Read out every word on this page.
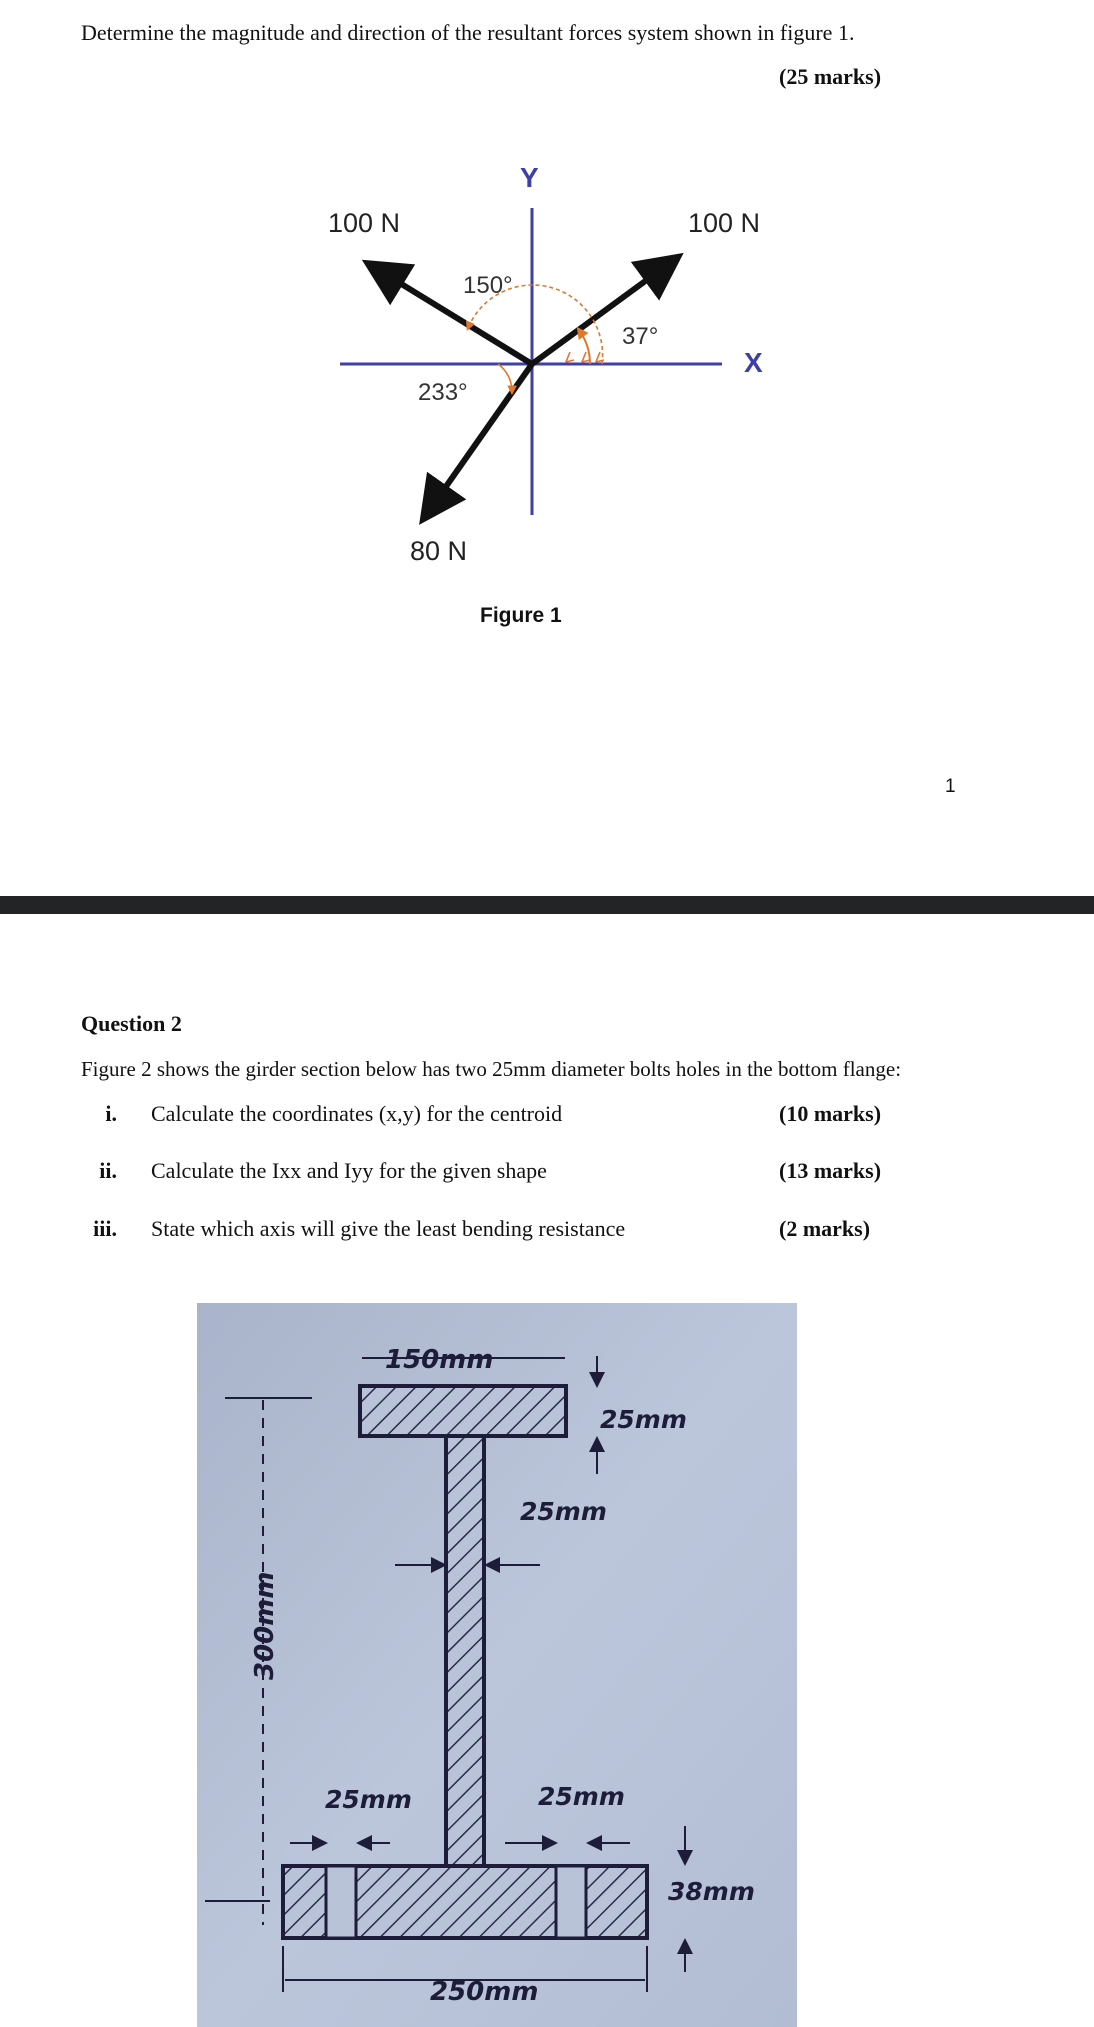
Determine the magnitude and direction of the resultant forces system shown in figure 1.
(25 marks)
Y
X
100 N	100 N
80 N
150°
37°
233°
Figure 1
1
Question 2
Figure 2 shows the girder section below has two 25mm diameter bolts holes in the bottom flange:
i. Calculate the coordinates (x,y) for the centroid	(10 marks)
ii. Calculate the Ixx and Iyy for the given shape	(13 marks)
iii. State which axis will give the least bending resistance	(2 marks)
150mm
25mm
25mm
300mm
25mm	25mm
38mm
250mm
